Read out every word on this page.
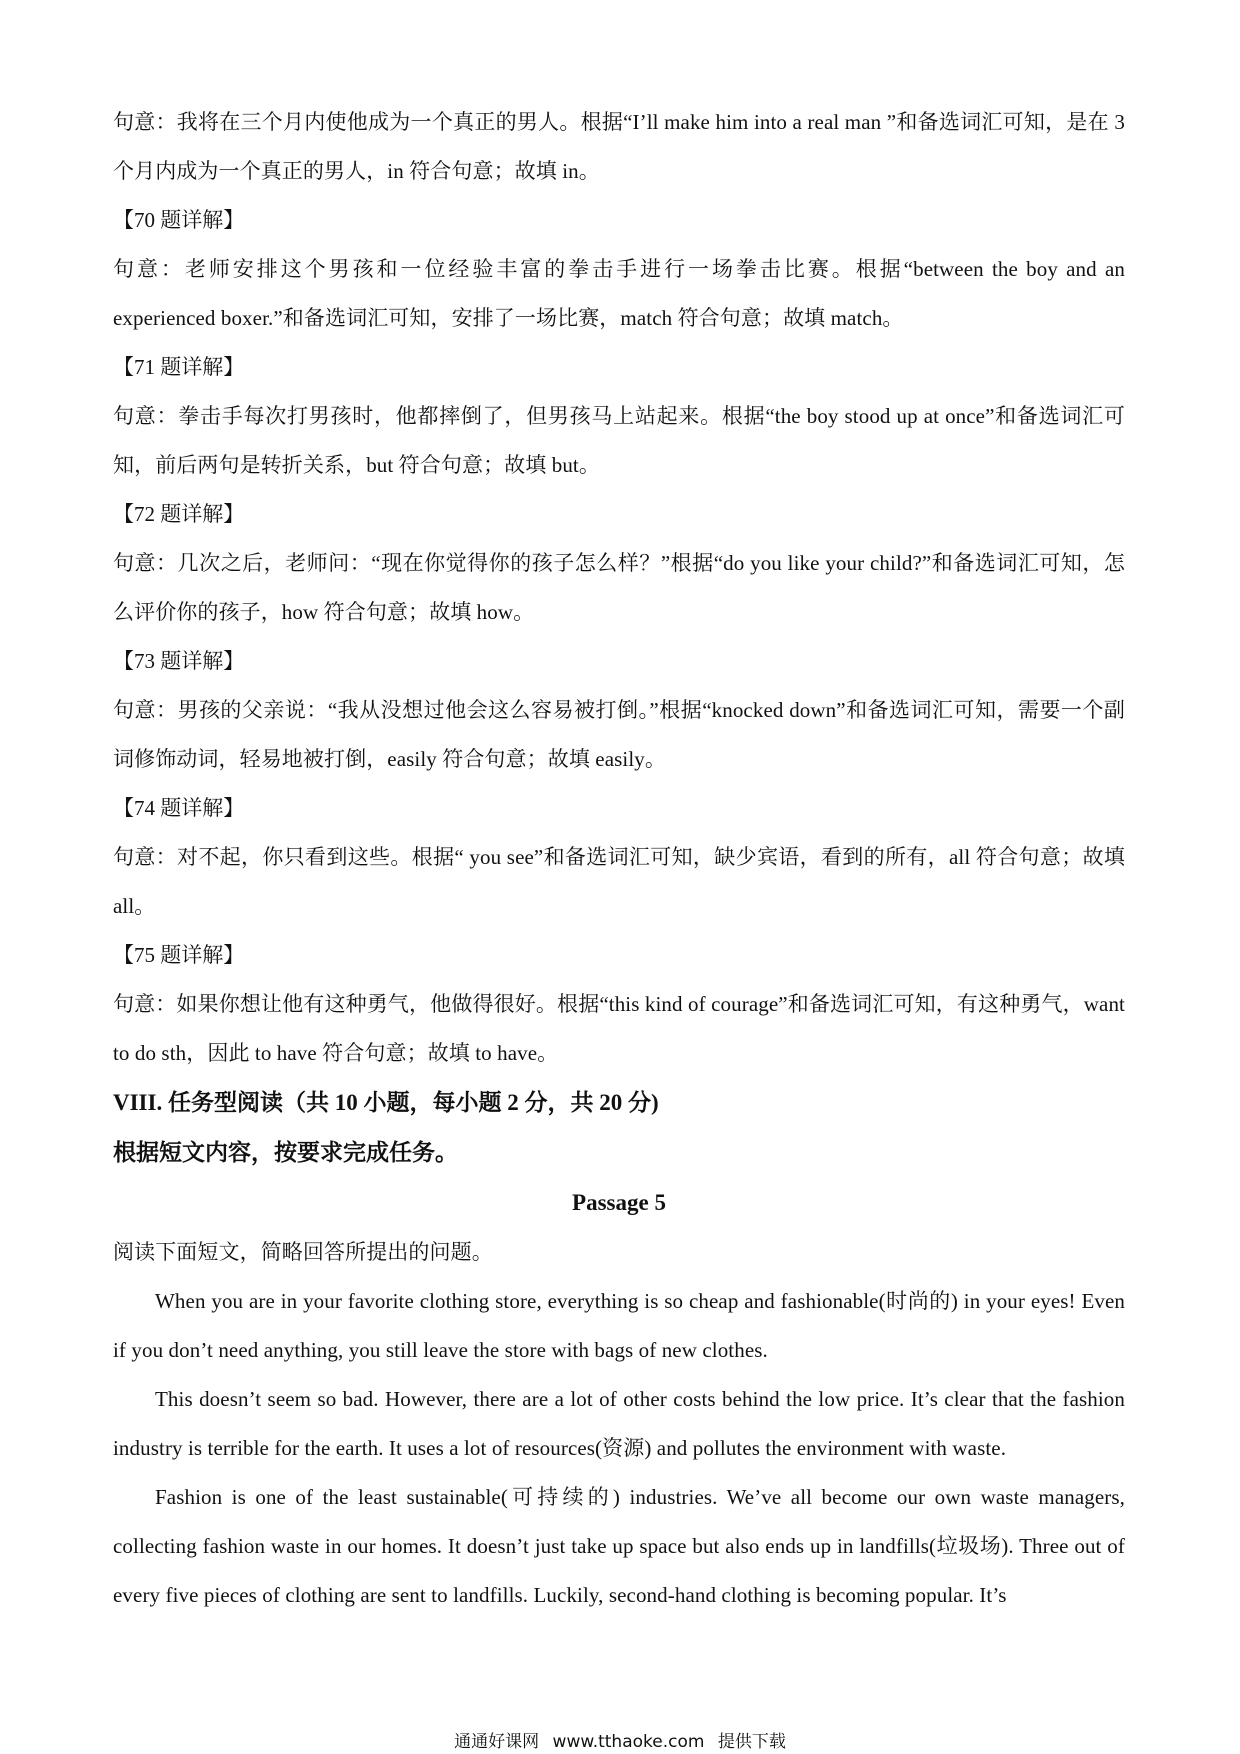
句意：我将在三个月内使他成为一个真正的男人。根据“I’ll make him into a real man ”和备选词汇可知，是在 3 个月内成为一个真正的男人，in 符合句意；故填 in。

【70 题详解】

句意：老师安排这个男孩和一位经验丰富的拳击手进行一场拳击比赛。根据“between the boy and an experienced boxer.”和备选词汇可知，安排了一场比赛，match 符合句意；故填 match。

【71 题详解】

句意：拳击手每次打男孩时，他都摔倒了，但男孩马上站起来。根据“the boy stood up at once”和备选词汇可知，前后两句是转折关系，but 符合句意；故填 but。

【72 题详解】

句意：几次之后，老师问：“现在你觉得你的孩子怎么样？”根据“do you like your child?”和备选词汇可知，怎么评价你的孩子，how 符合句意；故填 how。

【73 题详解】

句意：男孩的父亲说：“我从没想过他会这么容易被打倒。”根据“knocked down”和备选词汇可知，需要一个副词修饰动词，轻易地被打倒，easily 符合句意；故填 easily。

【74 题详解】

句意：对不起，你只看到这些。根据“ you see”和备选词汇可知，缺少宾语，看到的所有，all 符合句意；故填 all。

【75 题详解】

句意：如果你想让他有这种勇气，他做得很好。根据“this kind of courage”和备选词汇可知，有这种勇气，want to do sth，因此 to have 符合句意；故填 to have。

VIII. 任务型阅读（共 10 小题，每小题 2 分，共 20 分)

根据短文内容，按要求完成任务。

Passage 5

阅读下面短文，简略回答所提出的问题。

When you are in your favorite clothing store, everything is so cheap and fashionable(时尚的) in your eyes! Even if you don’t need anything, you still leave the store with bags of new clothes.

This doesn’t seem so bad. However, there are a lot of other costs behind the low price. It’s clear that the fashion industry is terrible for the earth. It uses a lot of resources(资源) and pollutes the environment with waste.

Fashion is one of the least sustainable(可持续的) industries. We’ve all become our own waste managers, collecting fashion waste in our homes. It doesn’t just take up space but also ends up in landfills(垃圾场). Three out of every five pieces of clothing are sent to landfills. Luckily, second-hand clothing is becoming popular. It’s

通通好课网 www.tthaoke.com 提供下载
